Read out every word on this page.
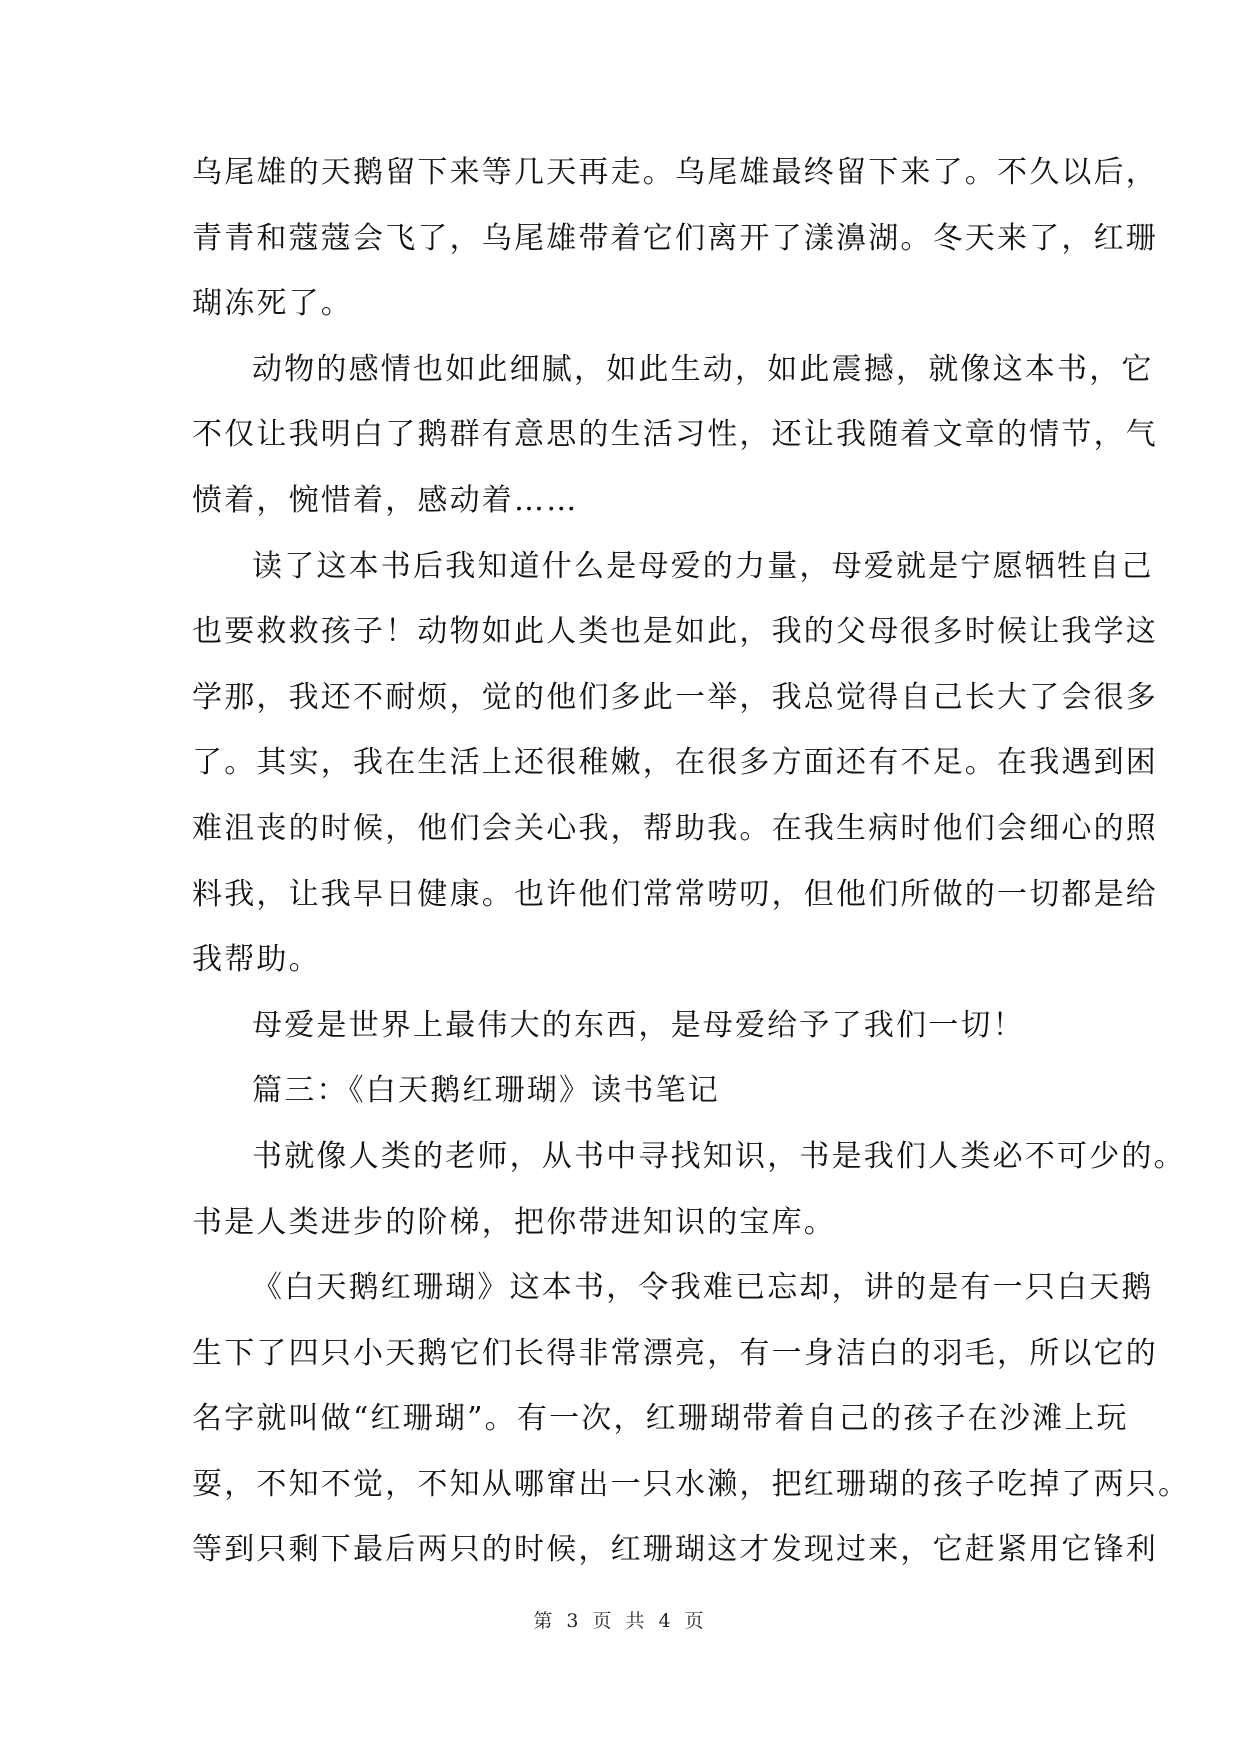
乌尾雄的天鹅留下来等几天再走。乌尾雄最终留下来了。不久以后，
青青和蔻蔻会飞了，乌尾雄带着它们离开了漾濞湖。冬天来了，红珊
瑚冻死了。
动物的感情也如此细腻，如此生动，如此震撼，就像这本书，它
不仅让我明白了鹅群有意思的生活习性，还让我随着文章的情节，气
愤着，惋惜着，感动着……
读了这本书后我知道什么是母爱的力量，母爱就是宁愿牺牲自己
也要救救孩子！动物如此人类也是如此，我的父母很多时候让我学这
学那，我还不耐烦，觉的他们多此一举，我总觉得自己长大了会很多
了。其实，我在生活上还很稚嫩，在很多方面还有不足。在我遇到困
难沮丧的时候，他们会关心我，帮助我。在我生病时他们会细心的照
料我，让我早日健康。也许他们常常唠叨，但他们所做的一切都是给
我帮助。
母爱是世界上最伟大的东西，是母爱给予了我们一切！
篇三：《白天鹅红珊瑚》读书笔记
书就像人类的老师，从书中寻找知识，书是我们人类必不可少的。
书是人类进步的阶梯，把你带进知识的宝库。
《白天鹅红珊瑚》这本书，令我难已忘却，讲的是有一只白天鹅
生下了四只小天鹅它们长得非常漂亮，有一身洁白的羽毛，所以它的
名字就叫做“红珊瑚”。有一次，红珊瑚带着自己的孩子在沙滩上玩
耍，不知不觉，不知从哪窜出一只水濑，把红珊瑚的孩子吃掉了两只。
等到只剩下最后两只的时候，红珊瑚这才发现过来，它赶紧用它锋利
第 3 页 共 4 页
